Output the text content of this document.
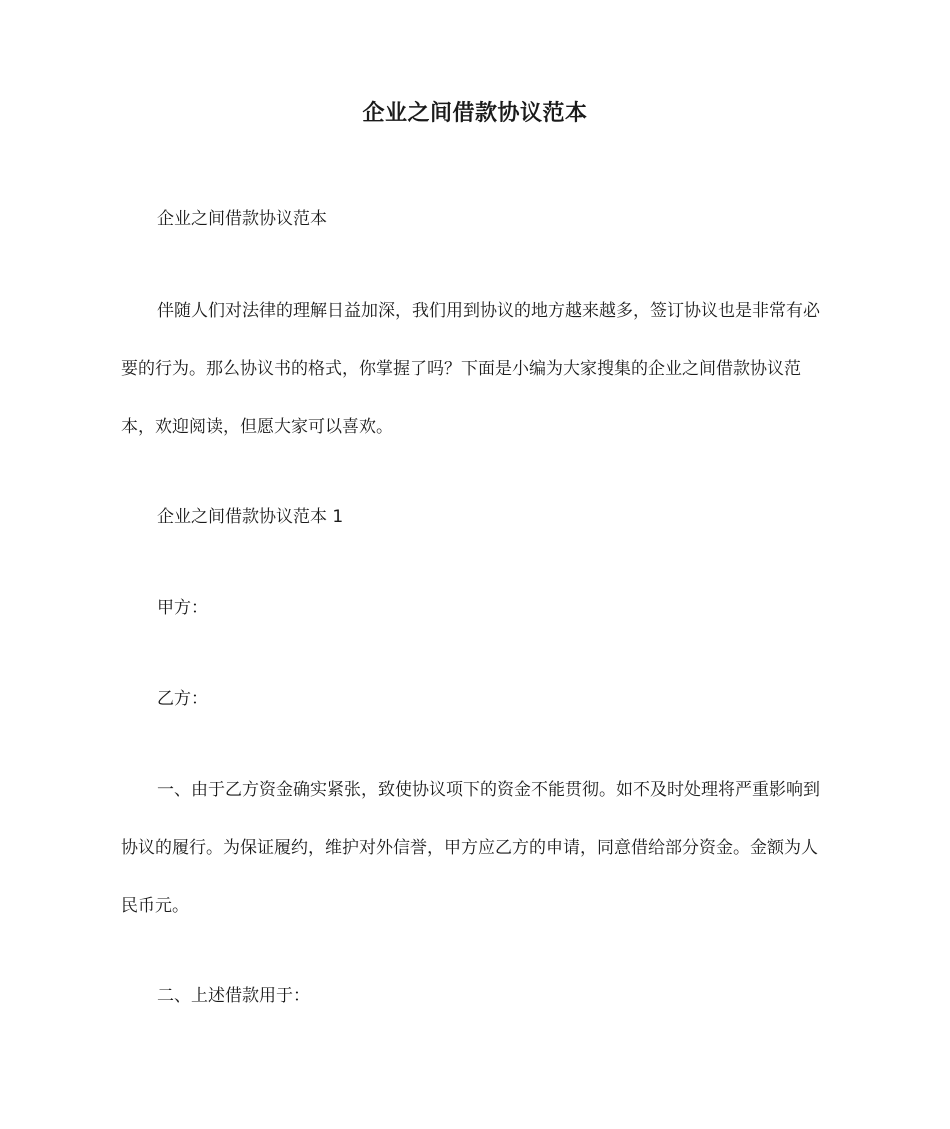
企业之间借款协议范本

企业之间借款协议范本

伴随人们对法律的理解日益加深，我们用到协议的地方越来越多，签订协议也是非常有必要的行为。那么协议书的格式，你掌握了吗？下面是小编为大家搜集的企业之间借款协议范本，欢迎阅读，但愿大家可以喜欢。

企业之间借款协议范本 1

甲方：

乙方：

一、由于乙方资金确实紧张，致使协议项下的资金不能贯彻。如不及时处理将严重影响到协议的履行。为保证履约，维护对外信誉，甲方应乙方的申请，同意借给部分资金。金额为人民币元。

二、上述借款用于：
